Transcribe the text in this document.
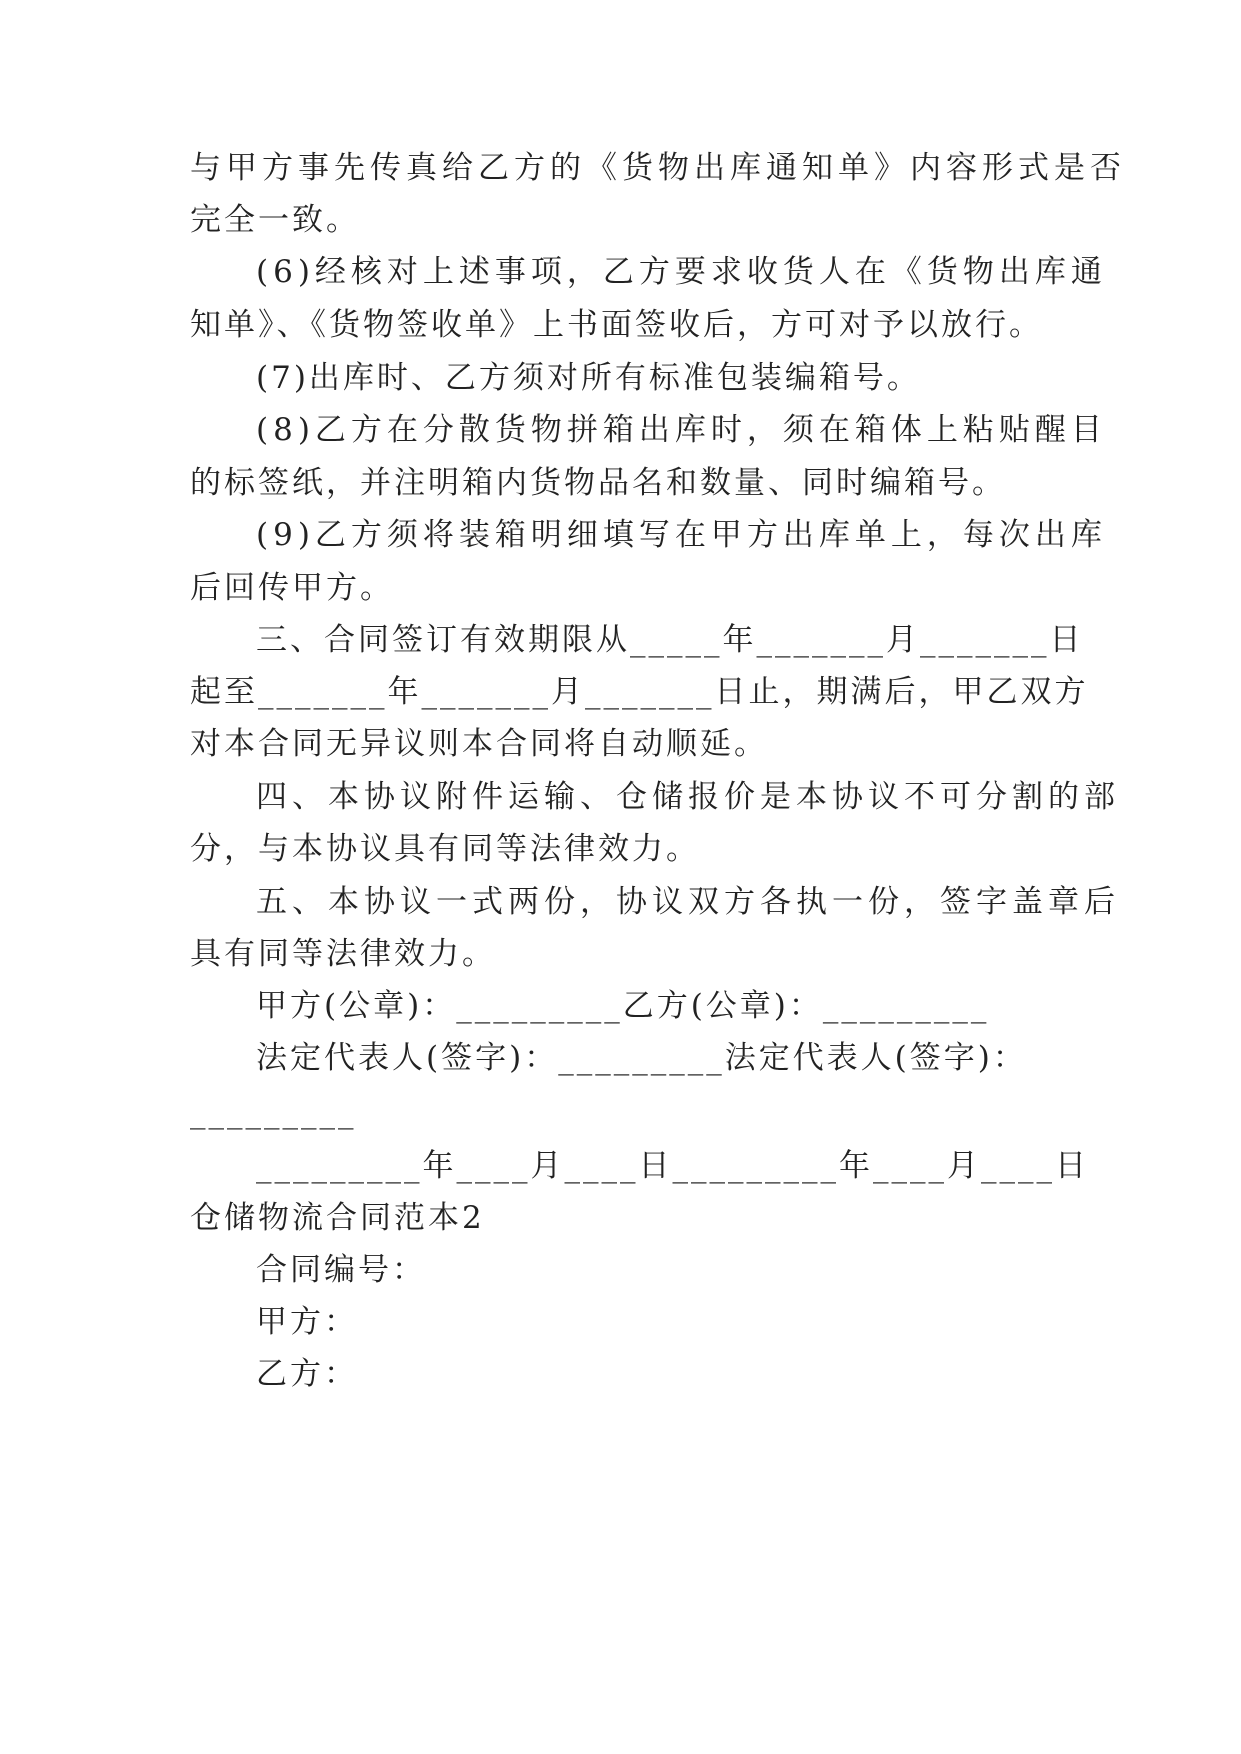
与甲方事先传真给乙方的《货物出库通知单》内容形式是否
完全一致。
(6)经核对上述事项，乙方要求收货人在《货物出库通
知单》、《货物签收单》上书面签收后，方可对予以放行。
(7)出库时、乙方须对所有标准包装编箱号。
(8)乙方在分散货物拼箱出库时，须在箱体上粘贴醒目
的标签纸，并注明箱内货物品名和数量、同时编箱号。
(9)乙方须将装箱明细填写在甲方出库单上，每次出库
后回传甲方。
三、合同签订有效期限从_____年_______月_______日
起至_______年_______月_______日止，期满后，甲乙双方
对本合同无异议则本合同将自动顺延。
四、本协议附件运输、仓储报价是本协议不可分割的部
分，与本协议具有同等法律效力。
五、本协议一式两份，协议双方各执一份，签字盖章后
具有同等法律效力。
甲方(公章)：_________乙方(公章)：_________
法定代表人(签字)：_________法定代表人(签字)：
_________
_________年____月____日_________年____月____日
仓储物流合同范本2
合同编号：
甲方：
乙方：
